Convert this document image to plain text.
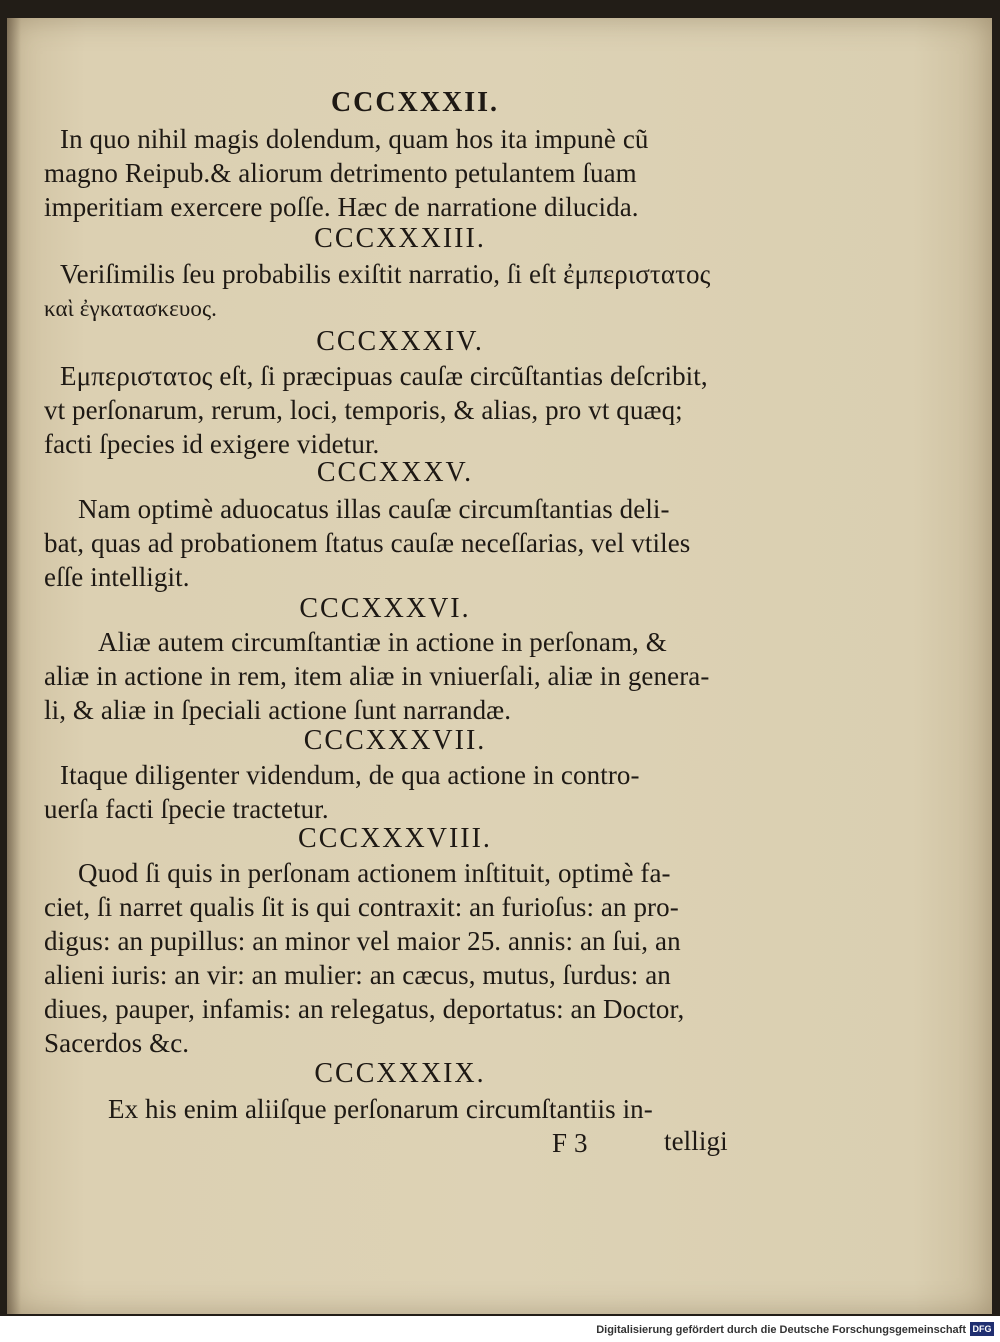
CCCXXXII.
In quo nihil magis dolendum, quam hos ita impunè cũ
magno Reipub.& aliorum detrimento petulantem ſuam
imperitiam exercere poſſe. Hæc de narratione dilucida.
CCCXXXIII.
Veriſimilis ſeu probabilis exiſtit narratio, ſi eſt ἐμπεριστατος
καὶ ἐγκατασκευος.
CCCXXXIV.
Εμπεριστατος eſt, ſi præcipuas cauſæ circũſtantias deſcribit,
vt perſonarum, rerum, loci, temporis, & alias, pro vt quæq;
facti ſpecies id exigere videtur.
CCCXXXV.
Nam optimè aduocatus illas cauſæ circumſtantias deli-
bat, quas ad probationem ſtatus cauſæ neceſſarias, vel vtiles
eſſe intelligit.
CCCXXXVI.
Aliæ autem circumſtantiæ in actione in perſonam, &
aliæ in actione in rem, item aliæ in vniuerſali, aliæ in genera-
li, & aliæ in ſpeciali actione ſunt narrandæ.
CCCXXXVII.
Itaque diligenter videndum, de qua actione in contro-
uerſa facti ſpecie tractetur.
CCCXXXVIII.
Quod ſi quis in perſonam actionem inſtituit, optimè fa-
ciet, ſi narret qualis ſit is qui contraxit: an furioſus: an pro-
digus: an pupillus: an minor vel maior 25. annis: an ſui, an
alieni iuris: an vir: an mulier: an cæcus, mutus, ſurdus: an
diues, pauper, infamis: an relegatus, deportatus: an Doctor,
Sacerdos &c.
CCCXXXIX.
Ex his enim aliiſque perſonarum circumſtantiis in-
F 3	telligi
Digitalisierung gefördert durch die Deutsche Forschungsgemeinschaft DFG
